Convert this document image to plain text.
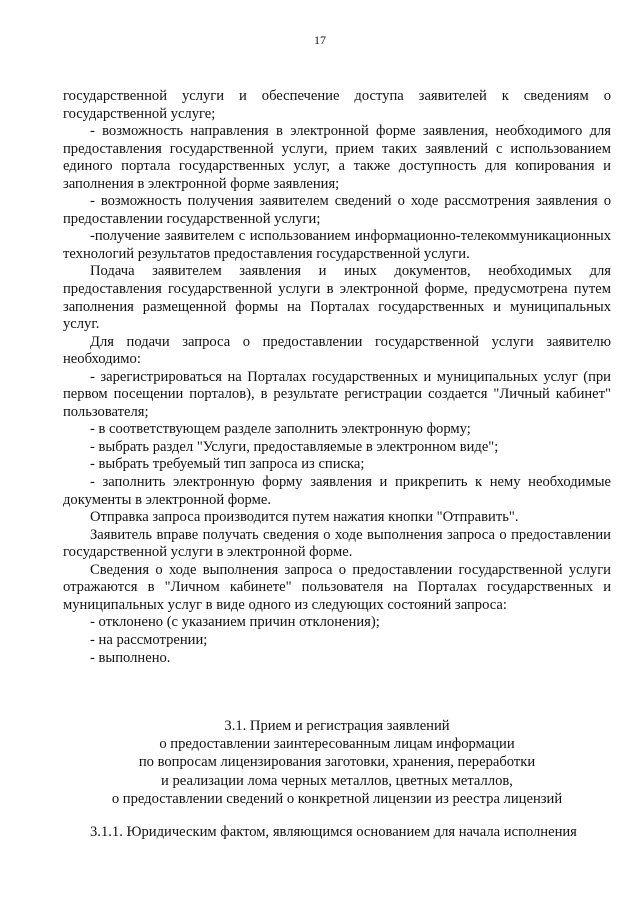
17

государственной услуги и обеспечение доступа заявителей к сведениям о государственной услуге;

- возможность направления в электронной форме заявления, необходимого для предоставления государственной услуги, прием таких заявлений с использованием единого портала государственных услуг, а также доступность для копирования и заполнения в электронной форме заявления;

- возможность получения заявителем сведений о ходе рассмотрения заявления о предоставлении государственной услуги;

-получение заявителем с использованием информационно-телекоммуникационных технологий результатов предоставления государственной услуги.

Подача заявителем заявления и иных документов, необходимых для предоставления государственной услуги в электронной форме, предусмотрена путем заполнения размещенной формы на Порталах государственных и муниципальных услуг.

Для подачи запроса о предоставлении государственной услуги заявителю необходимо:

- зарегистрироваться на Порталах государственных и муниципальных услуг (при первом посещении порталов), в результате регистрации создается "Личный кабинет" пользователя;

- в соответствующем разделе заполнить электронную форму;

- выбрать раздел "Услуги, предоставляемые в электронном виде";

- выбрать требуемый тип запроса из списка;

- заполнить электронную форму заявления и прикрепить к нему необходимые документы в электронной форме.

Отправка запроса производится путем нажатия кнопки "Отправить".

Заявитель вправе получать сведения о ходе выполнения запроса о предоставлении государственной услуги в электронной форме.

Сведения о ходе выполнения запроса о предоставлении государственной услуги отражаются в "Личном кабинете" пользователя на Порталах государственных и муниципальных услуг в виде одного из следующих состояний запроса:

- отклонено (с указанием причин отклонения);

- на рассмотрении;

- выполнено.

3.1. Прием и регистрация заявлений
о предоставлении заинтересованным лицам информации
по вопросам лицензирования заготовки, хранения, переработки
и реализации лома черных металлов, цветных металлов,
о предоставлении сведений о конкретной лицензии из реестра лицензий
3.1.1. Юридическим фактом, являющимся основанием для начала исполнения
